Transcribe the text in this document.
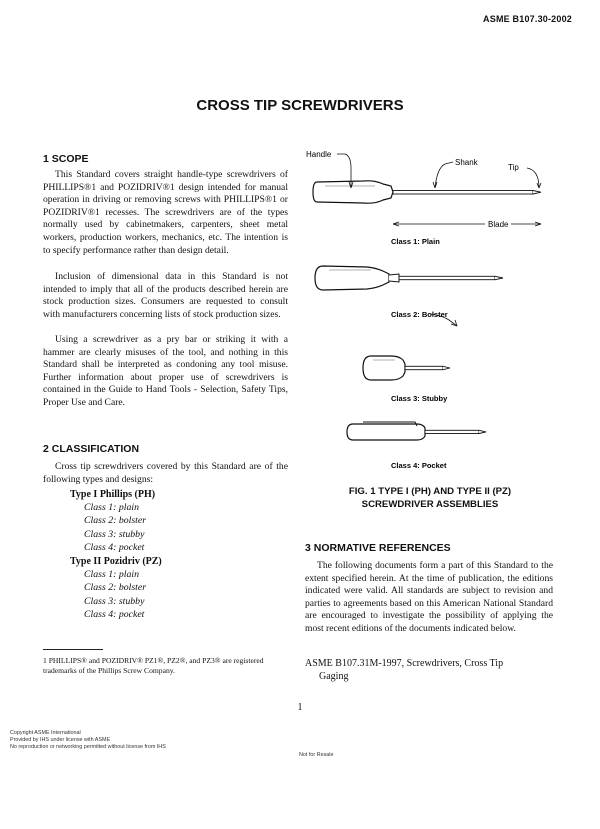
ASME B107.30-2002
CROSS TIP SCREWDRIVERS
1 SCOPE

This Standard covers straight handle-type screwdrivers of PHILLIPS®1 and POZIDRIV®1 design intended for manual operation in driving or removing screws with PHILLIPS®1 or POZIDRIV®1 recesses. The screwdrivers are of the types normally used by cabinetmakers, carpenters, sheet metal workers, production workers, mechanics, etc. The intention is to specify performance rather than design detail.

Inclusion of dimensional data in this Standard is not intended to imply that all of the products described herein are stock production sizes. Consumers are requested to consult with manufacturers concerning lists of stock production sizes.

Using a screwdriver as a pry bar or striking it with a hammer are clearly misuses of the tool, and nothing in this Standard shall be interpreted as condoning any tool misuse. Further information about proper use of screwdrivers is contained in the Guide to Hand Tools - Selection, Safety Tips, Proper Use and Care.

2 CLASSIFICATION

Cross tip screwdrivers covered by this Standard are of the following types and designs:

Type I Phillips (PH)
Class 1: plain
Class 2: bolster
Class 3: stubby
Class 4: pocket
Type II Pozidriv (PZ)
Class 1: plain
Class 2: bolster
Class 3: stubby
Class 4: pocket
1 PHILLIPS® and POZIDRIV® PZ1®, PZ2®, and PZ3® are registered trademarks of the Phillips Screw Company.
Handle
Shank
Tip
Blade
Class 1: Plain
Class 2: Bolster
Class 3: Stubby
Class 4: Pocket
FIG. 1 TYPE I (PH) AND TYPE II (PZ)
SCREWDRIVER ASSEMBLIES
3 NORMATIVE REFERENCES

The following documents form a part of this Standard to the extent specified herein. At the time of publication, the editions indicated were valid. All standards are subject to revision and parties to agreements based on this American National Standard are encouraged to investigate the possibility of applying the most recent editions of the documents indicated below.

ASME B107.31M-1997, Screwdrivers, Cross Tip
Gaging
1
Copyright ASME International
Provided by IHS under license with ASME
No reproduction or networking permitted without license from IHS
Not for Resale
